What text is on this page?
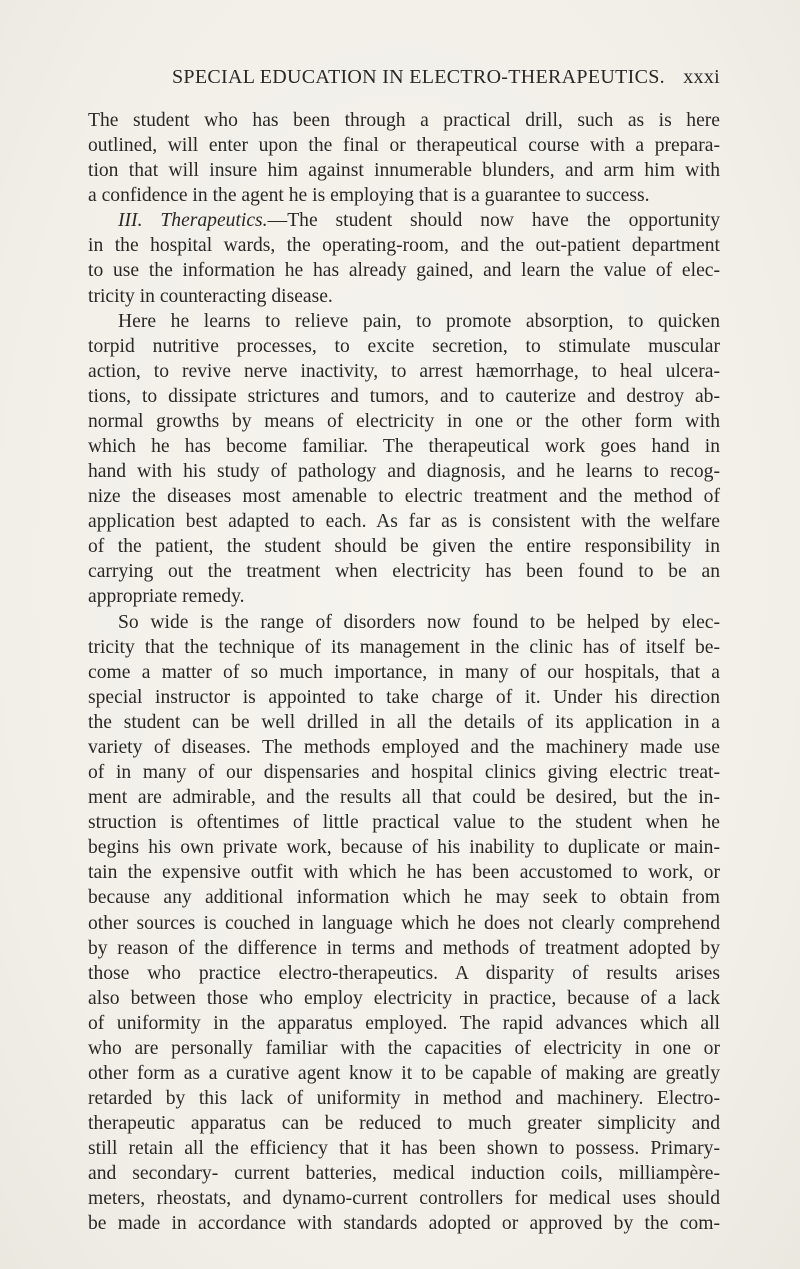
SPECIAL EDUCATION IN ELECTRO-THERAPEUTICS. xxxi
The student who has been through a practical drill, such as is here
outlined, will enter upon the final or therapeutical course with a prepara-
tion that will insure him against innumerable blunders, and arm him with
a confidence in the agent he is employing that is a guarantee to success.
III. Therapeutics.—The student should now have the opportunity
in the hospital wards, the operating-room, and the out-patient department
to use the information he has already gained, and learn the value of elec-
tricity in counteracting disease.
Here he learns to relieve pain, to promote absorption, to quicken
torpid nutritive processes, to excite secretion, to stimulate muscular
action, to revive nerve inactivity, to arrest hæmorrhage, to heal ulcera-
tions, to dissipate strictures and tumors, and to cauterize and destroy ab-
normal growths by means of electricity in one or the other form with
which he has become familiar. The therapeutical work goes hand in
hand with his study of pathology and diagnosis, and he learns to recog-
nize the diseases most amenable to electric treatment and the method of
application best adapted to each. As far as is consistent with the welfare
of the patient, the student should be given the entire responsibility in
carrying out the treatment when electricity has been found to be an
appropriate remedy.
So wide is the range of disorders now found to be helped by elec-
tricity that the technique of its management in the clinic has of itself be-
come a matter of so much importance, in many of our hospitals, that a
special instructor is appointed to take charge of it. Under his direction
the student can be well drilled in all the details of its application in a
variety of diseases. The methods employed and the machinery made use
of in many of our dispensaries and hospital clinics giving electric treat-
ment are admirable, and the results all that could be desired, but the in-
struction is oftentimes of little practical value to the student when he
begins his own private work, because of his inability to duplicate or main-
tain the expensive outfit with which he has been accustomed to work, or
because any additional information which he may seek to obtain from
other sources is couched in language which he does not clearly comprehend
by reason of the difference in terms and methods of treatment adopted by
those who practice electro-therapeutics. A disparity of results arises
also between those who employ electricity in practice, because of a lack
of uniformity in the apparatus employed. The rapid advances which all
who are personally familiar with the capacities of electricity in one or
other form as a curative agent know it to be capable of making are greatly
retarded by this lack of uniformity in method and machinery. Electro-
therapeutic apparatus can be reduced to much greater simplicity and
still retain all the efficiency that it has been shown to possess. Primary-
and secondary- current batteries, medical induction coils, milliampère-
meters, rheostats, and dynamo-current controllers for medical uses should
be made in accordance with standards adopted or approved by the com-
